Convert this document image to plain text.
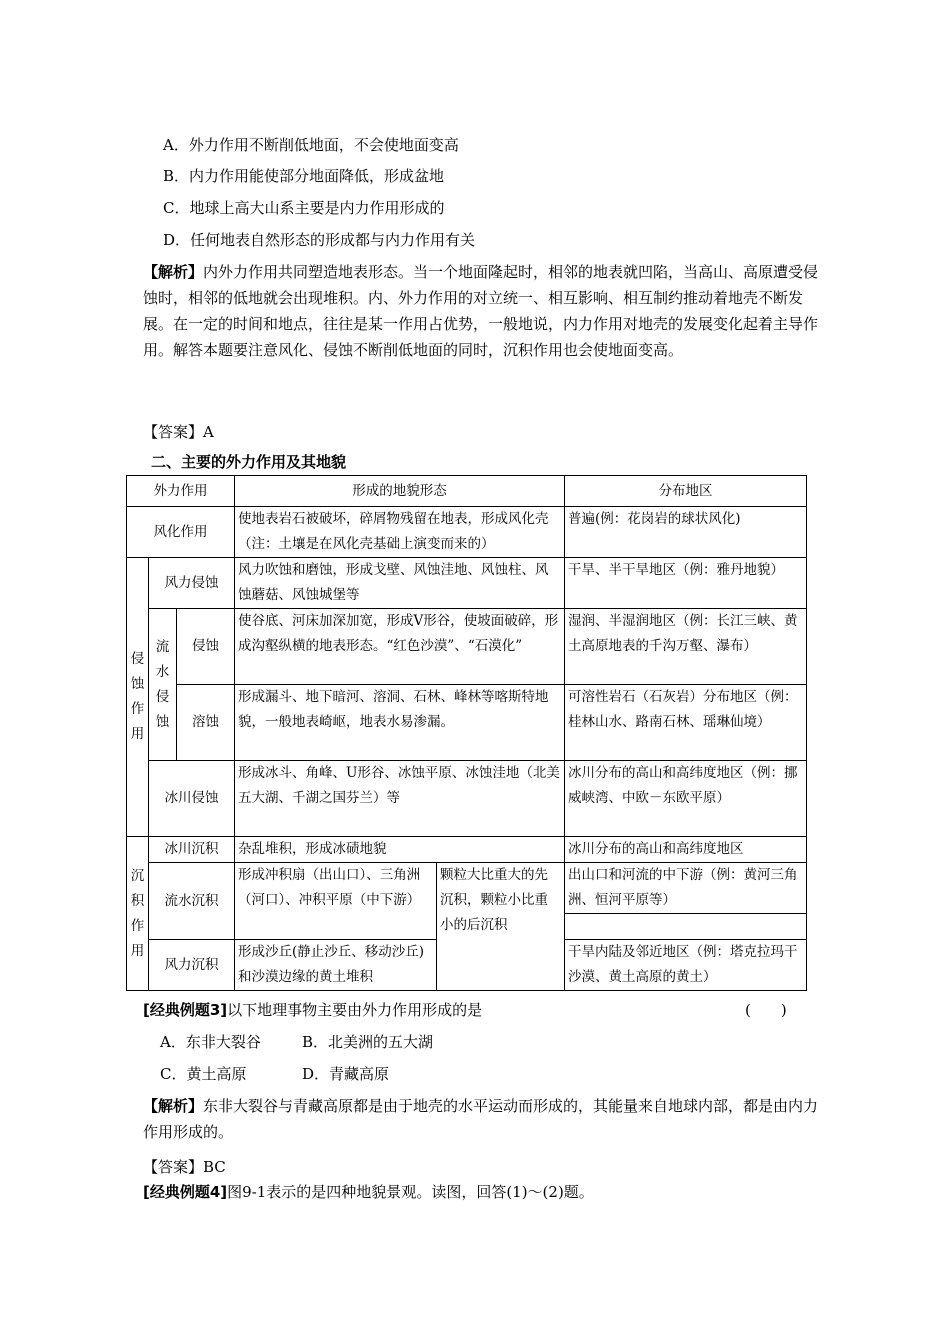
A．外力作用不断削低地面，不会使地面变高
B．内力作用能使部分地面降低，形成盆地
C．地球上高大山系主要是内力作用形成的
D．任何地表自然形态的形成都与内力作用有关
【解析】内外力作用共同塑造地表形态。当一个地面隆起时，相邻的地表就凹陷，当高山、高原遭受侵蚀时，相邻的低地就会出现堆积。内、外力作用的对立统一、相互影响、相互制约推动着地壳不断发展。在一定的时间和地点，往往是某一作用占优势，一般地说，内力作用对地壳的发展变化起着主导作用。解答本题要注意风化、侵蚀不断削低地面的同时，沉积作用也会使地面变高。
【答案】A
二、主要的外力作用及其地貌
外力作用			形成的地貌形态		分布地区
风化作用			使地表岩石被破坏，碎屑物残留在地表，形成风化壳（注：土壤是在风化壳基础上演变而来的）		普遍(例：花岗岩的球状风化)

侵蚀作用	风力侵蚀		风力吹蚀和磨蚀，形成戈壁、风蚀洼地、风蚀柱、风蚀蘑菇、风蚀城堡等		干旱、半干旱地区（例：雅丹地貌）

	流水侵蚀	侵蚀	使谷底、河床加深加宽，形成V形谷，使坡面破碎，形成沟壑纵横的地表形态。“红色沙漠”、“石漠化”		湿润、半湿润地区（例：长江三峡、黄土高原地表的千沟万壑、瀑布）
		溶蚀	形成漏斗、地下暗河、溶洞、石林、峰林等喀斯特地貌，一般地表崎岖，地表水易渗漏。		可溶性岩石（石灰岩）分布地区（例：桂林山水、路南石林、瑶琳仙境）
	冰川侵蚀		形成冰斗、角峰、U形谷、冰蚀平原、冰蚀洼地（北美五大湖、千湖之国芬兰）等		冰川分布的高山和高纬度地区（例：挪威峡湾、中欧－东欧平原）

沉积作用	冰川沉积		杂乱堆积，形成冰碛地貌		冰川分布的高山和高纬度地区
	流水沉积		形成冲积扇（出山口）、三角洲（河口）、冲积平原（中下游）	颗粒大比重大的先沉积，颗粒小比重小的后沉积	出山口和河流的中下游（例：黄河三角洲、恒河平原等）

	风力沉积		形成沙丘(静止沙丘、移动沙丘)和沙漠边缘的黄土堆积		干旱内陆及邻近地区（例：塔克拉玛干沙漠、黄土高原的黄土）
[经典例题3]以下地理事物主要由外力作用形成的是	(　　)
A．东非大裂谷	B．北美洲的五大湖
C．黄土高原	D．青藏高原
【解析】东非大裂谷与青藏高原都是由于地壳的水平运动而形成的，其能量来自地球内部，都是由内力作用形成的。
【答案】BC
[经典例题4]图9-1表示的是四种地貌景观。读图，回答(1)～(2)题。
